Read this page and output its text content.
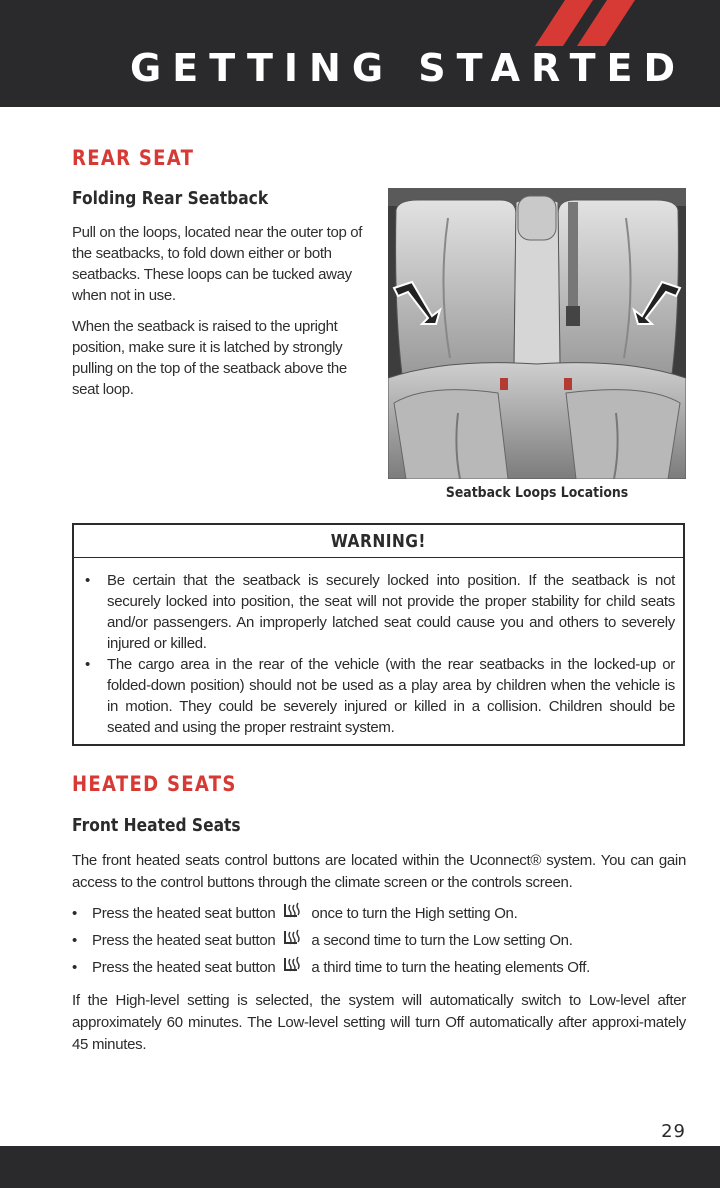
GETTING STARTED
REAR SEAT
Folding Rear Seatback

Pull on the loops, located near the outer top of the seatbacks, to fold down either or both seatbacks. These loops can be tucked away when not in use.

When the seatback is raised to the upright position, make sure it is latched by strongly pulling on the top of the seatback above the seat loop.

Seatback Loops Locations
WARNING!
• Be certain that the seatback is securely locked into position. If the seatback is not securely locked into position, the seat will not provide the proper stability for child seats and/or passengers. An improperly latched seat could cause you and others to severely injured or killed.
• The cargo area in the rear of the vehicle (with the rear seatbacks in the locked-up or folded-down position) should not be used as a play area by children when the vehicle is in motion. They could be severely injured or killed in a collision. Children should be seated and using the proper restraint system.
HEATED SEATS
Front Heated Seats

The front heated seats control buttons are located within the Uconnect® system. You can gain access to the control buttons through the climate screen or the controls screen.

• Press the heated seat button once to turn the High setting On.
• Press the heated seat button a second time to turn the Low setting On.
• Press the heated seat button a third time to turn the heating elements Off.

If the High-level setting is selected, the system will automatically switch to Low-level after approximately 60 minutes. The Low-level setting will turn Off automatically after approxi-mately 45 minutes.

29
